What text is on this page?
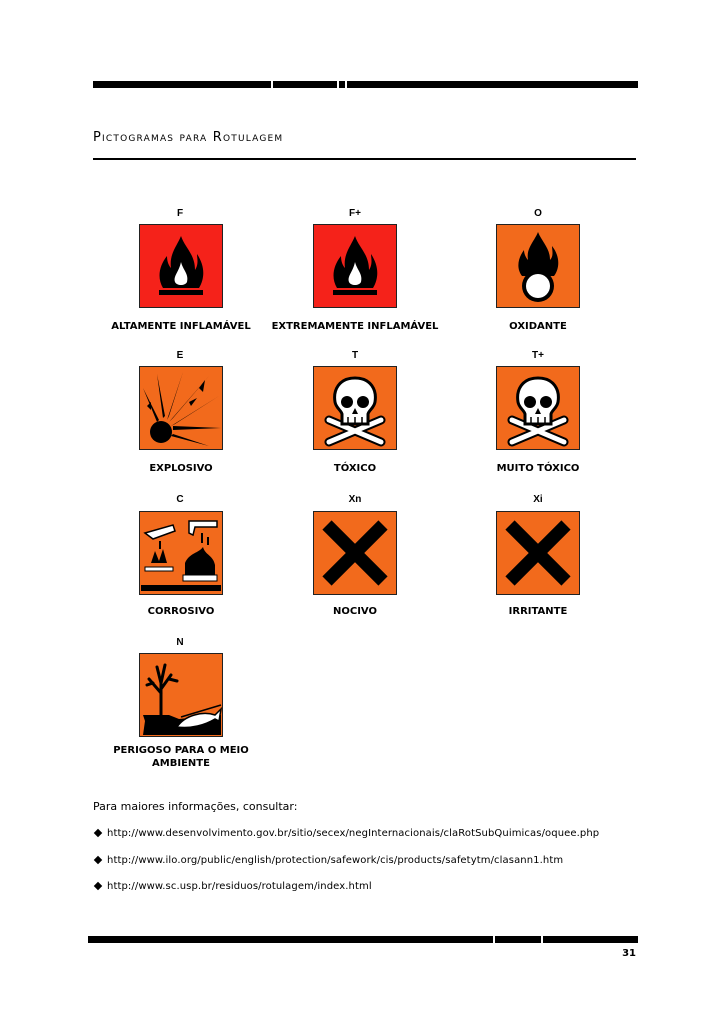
Pictogramas para Rotulagem
F	F+	O
ALTAMENTE INFLAMÁVEL	EXTREMAMENTE INFLAMÁVEL	OXIDANTE
E	T	T+
EXPLOSIVO	TÓXICO	MUITO TÓXICO
C	Xn	Xi
CORROSIVO	NOCIVO	IRRITANTE
N
PERIGOSO PARA O MEIO
AMBIENTE
Para maiores informações, consultar:
http://www.desenvolvimento.gov.br/sitio/secex/negInternacionais/claRotSubQuimicas/oquee.php
http://www.ilo.org/public/english/protection/safework/cis/products/safetytm/clasann1.htm
http://www.sc.usp.br/residuos/rotulagem/index.html
31
